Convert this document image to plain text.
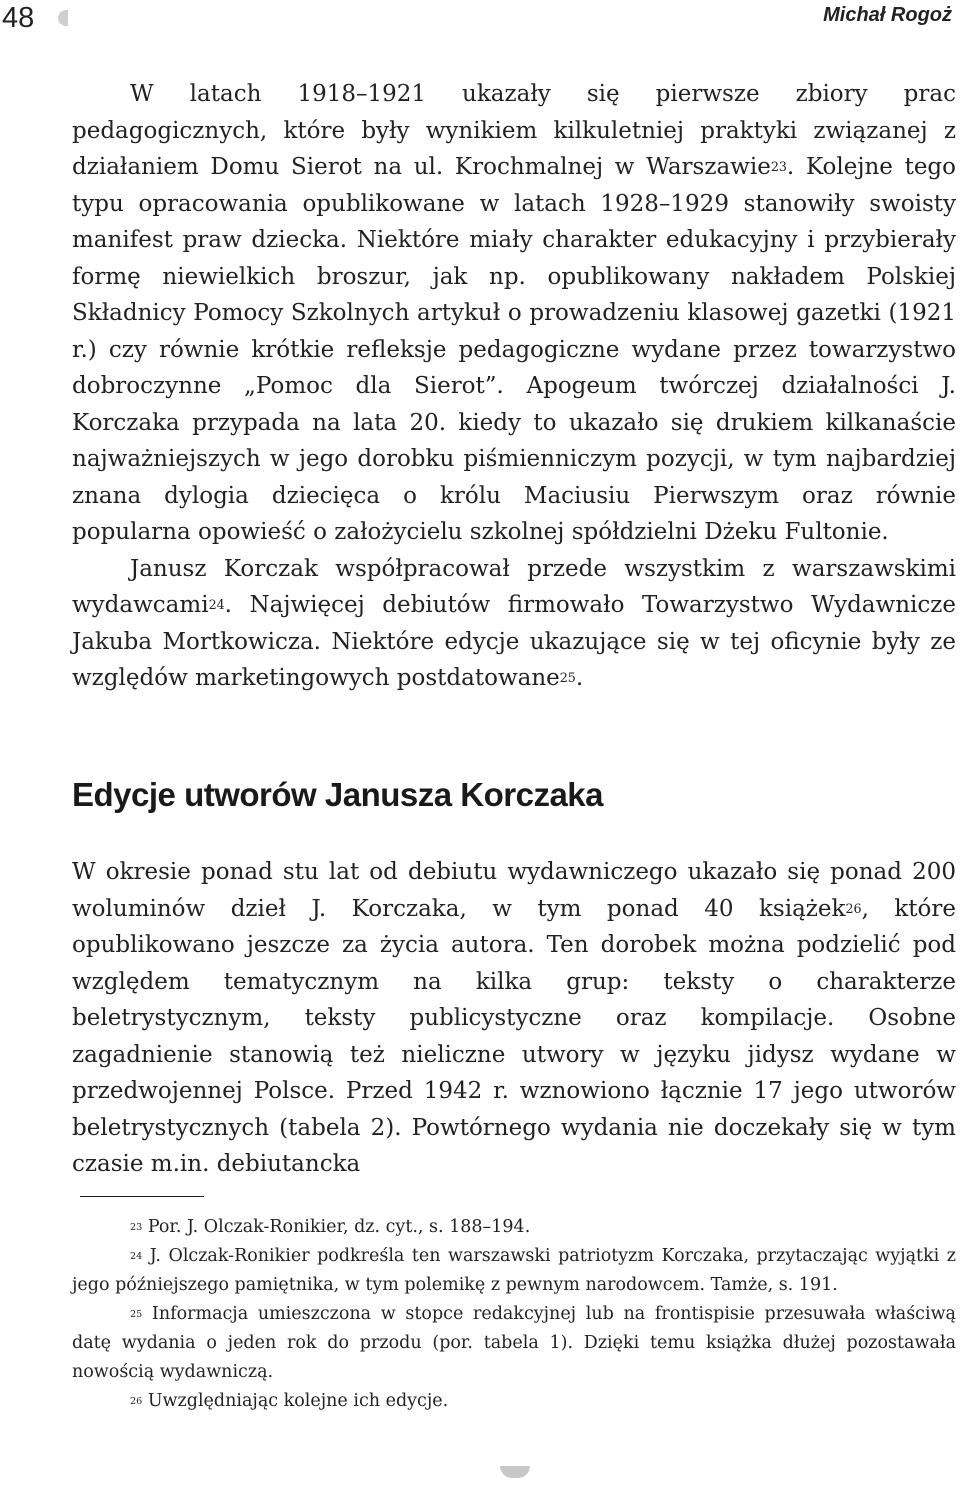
48	Michał Rogoż

W latach 1918–1921 ukazały się pierwsze zbiory prac pedagogicznych, które były wynikiem kilkuletniej praktyki związanej z działaniem Domu Sierot na ul. Krochmalnej w Warszawie$^{23}$. Kolejne tego typu opracowania opublikowane w latach 1928–1929 stanowiły swoisty manifest praw dziecka. Niektóre miały charakter edukacyjny i przybierały formę niewielkich broszur, jak np. opublikowany nakładem Polskiej Składnicy Pomocy Szkolnych artykuł o prowadzeniu klasowej gazetki (1921 r.) czy równie krótkie refleksje pedagogiczne wydane przez towarzystwo dobroczynne „Pomoc dla Sierot”. Apogeum twórczej działalności J. Korczaka przypada na lata 20. kiedy to ukazało się drukiem kilkanaście najważniejszych w jego dorobku piśmienniczym pozycji, w tym najbardziej znana dylogia dziecięca o królu Maciusiu Pierwszym oraz równie popularna opowieść o założycielu szkolnej spółdzielni Dżeku Fultonie.

Janusz Korczak współpracował przede wszystkim z warszawskimi wydawcami$^{24}$. Najwięcej debiutów firmowało Towarzystwo Wydawnicze Jakuba Mortkowicza. Niektóre edycje ukazujące się w tej oficynie były ze względów marketingowych postdatowane$^{25}$.

Edycje utworów Janusza Korczaka

W okresie ponad stu lat od debiutu wydawniczego ukazało się ponad 200 woluminów dzieł J. Korczaka, w tym ponad 40 książek$^{26}$, które opublikowano jeszcze za życia autora. Ten dorobek można podzielić pod względem tematycznym na kilka grup: teksty o charakterze beletrystycznym, teksty publicystyczne oraz kompilacje. Osobne zagadnienie stanowią też nieliczne utwory w języku jidysz wydane w przedwojennej Polsce. Przed 1942 r. wznowiono łącznie 17 jego utworów beletrystycznych (tabela 2). Powtórnego wydania nie doczekały się w tym czasie m.in. debiutancka

$^{23}$ Por. J. Olczak-Ronikier, dz. cyt., s. 188–194.

$^{24}$ J. Olczak-Ronikier podkreśla ten warszawski patriotyzm Korczaka, przytaczając wyjątki z jego późniejszego pamiętnika, w tym polemikę z pewnym narodowcem. Tamże, s. 191.

$^{25}$ Informacja umieszczona w stopce redakcyjnej lub na frontispisie przesuwała właściwą datę wydania o jeden rok do przodu (por. tabela 1). Dzięki temu książka dłużej pozostawała nowością wydawniczą.

$^{26}$ Uwzględniając kolejne ich edycje.
